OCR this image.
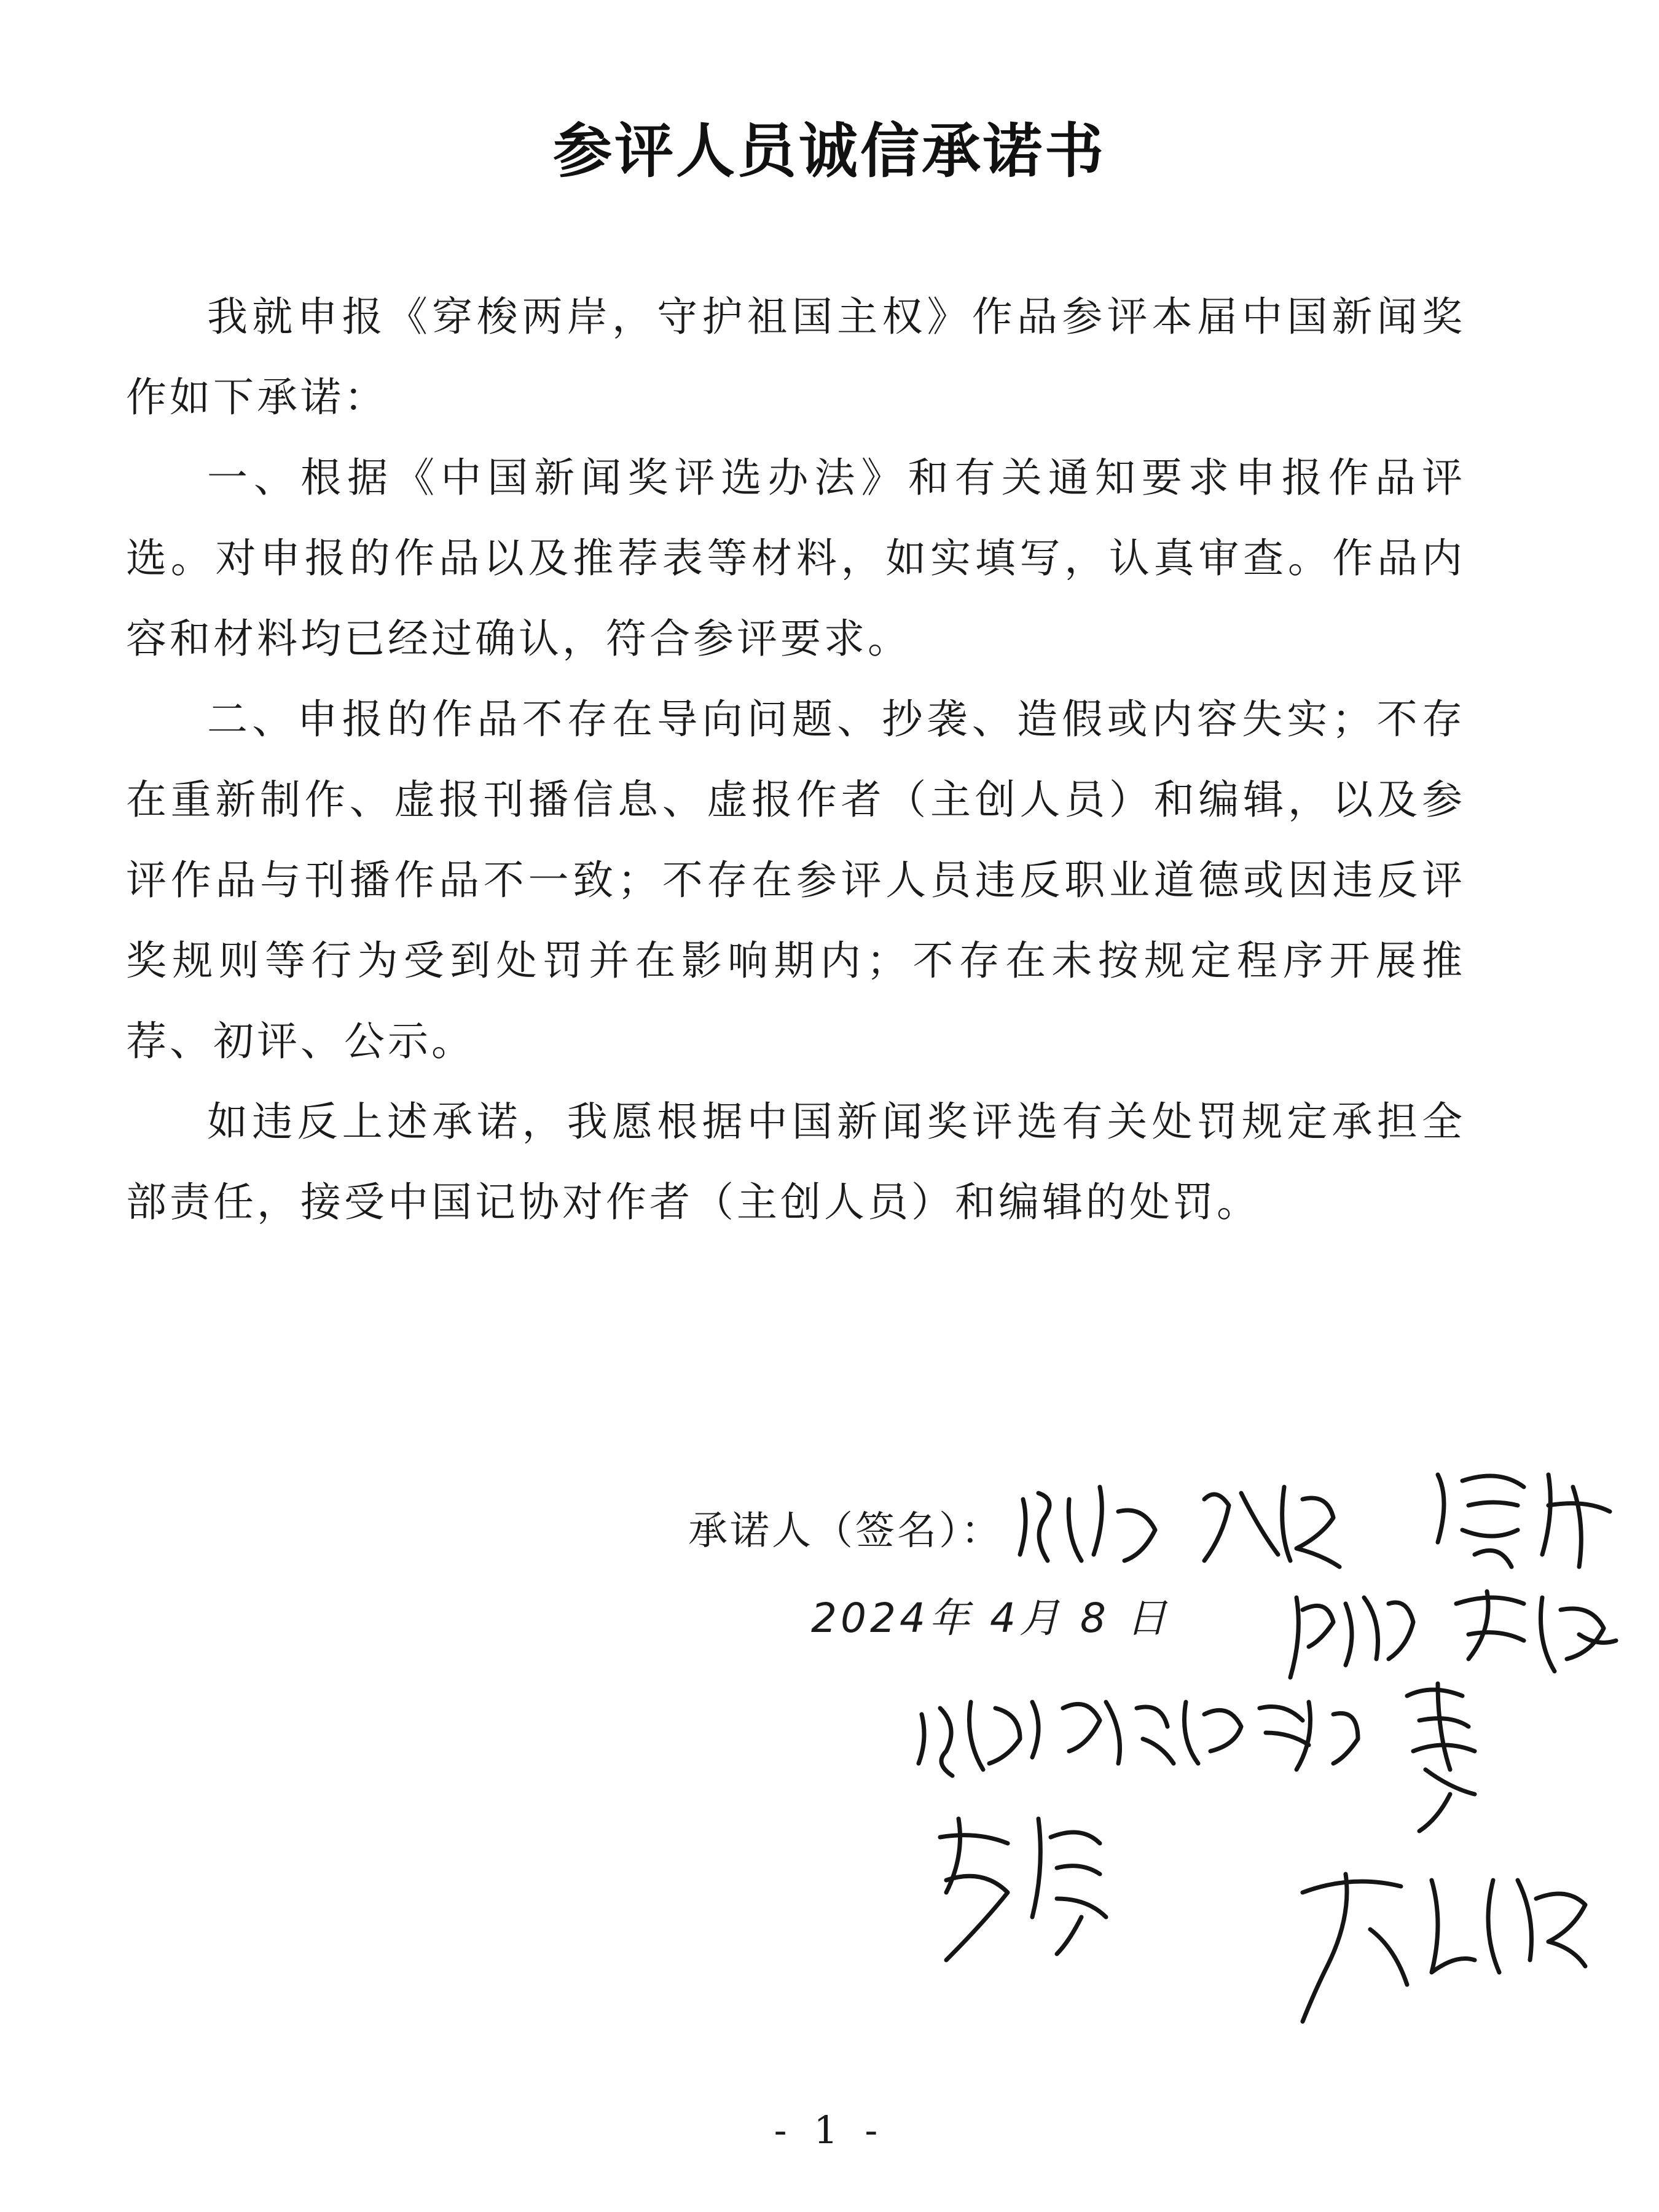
参评人员诚信承诺书

我就申报《穿梭两岸，守护祖国主权》作品参评本届中国新闻奖作如下承诺：

一、根据《中国新闻奖评选办法》和有关通知要求申报作品评选。对申报的作品以及推荐表等材料，如实填写，认真审查。作品内容和材料均已经过确认，符合参评要求。

二、申报的作品不存在导向问题、抄袭、造假或内容失实；不存在重新制作、虚报刊播信息、虚报作者（主创人员）和编辑，以及参评作品与刊播作品不一致；不存在参评人员违反职业道德或因违反评奖规则等行为受到处罚并在影响期内；不存在未按规定程序开展推荐、初评、公示。

如违反上述承诺，我愿根据中国新闻奖评选有关处罚规定承担全部责任，接受中国记协对作者（主创人员）和编辑的处罚。

承诺人（签名）：
2024年 4月 8 日
- 1 -
